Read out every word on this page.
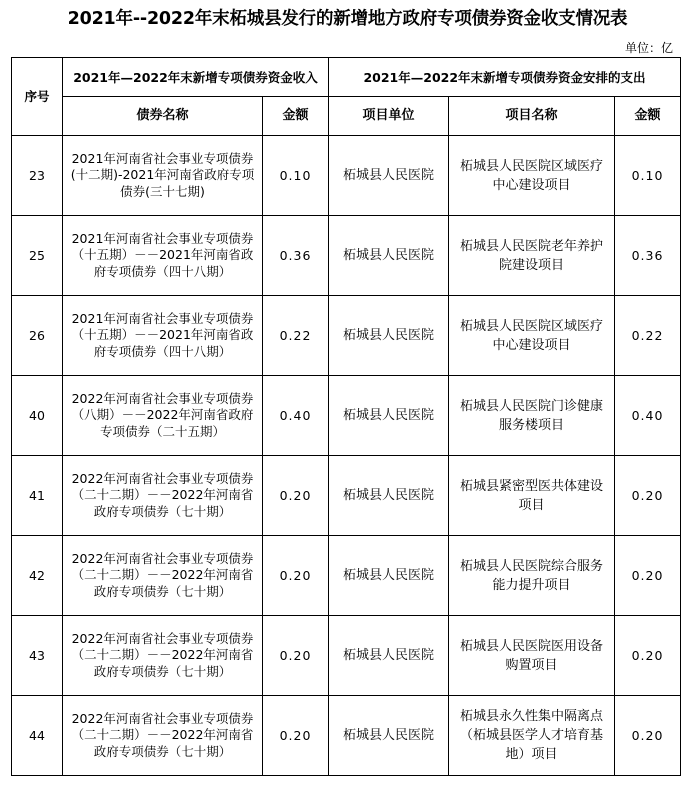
2021年--2022年末柘城县发行的新增地方政府专项债券资金收支情况表
单位：亿
序号	2021年—2022年末新增专项债券资金收入		2021年—2022年末新增专项债券资金安排的支出		
	债券名称	金额	项目单位	项目名称	金额
23	2021年河南省社会事业专项债券(十二期)-2021年河南省政府专项债券(三十七期)	0.10	柘城县人民医院	柘城县人民医院区域医疗中心建设项目	0.10
25	2021年河南省社会事业专项债券（十五期）－－2021年河南省政府专项债券（四十八期）	0.36	柘城县人民医院	柘城县人民医院老年养护院建设项目	0.36
26	2021年河南省社会事业专项债券（十五期）－－2021年河南省政府专项债券（四十八期）	0.22	柘城县人民医院	柘城县人民医院区域医疗中心建设项目	0.22
40	2022年河南省社会事业专项债券（八期）－－2022年河南省政府专项债券（二十五期）	0.40	柘城县人民医院	柘城县人民医院门诊健康服务楼项目	0.40
41	2022年河南省社会事业专项债券（二十二期）－－2022年河南省政府专项债券（七十期）	0.20	柘城县人民医院	柘城县紧密型医共体建设项目	0.20
42	2022年河南省社会事业专项债券（二十二期）－－2022年河南省政府专项债券（七十期）	0.20	柘城县人民医院	柘城县人民医院综合服务能力提升项目	0.20
43	2022年河南省社会事业专项债券（二十二期）－－2022年河南省政府专项债券（七十期）	0.20	柘城县人民医院	柘城县人民医院医用设备购置项目	0.20
44	2022年河南省社会事业专项债券（二十二期）－－2022年河南省政府专项债券（七十期）	0.20	柘城县人民医院	柘城县永久性集中隔离点（柘城县医学人才培育基地）项目	0.20
